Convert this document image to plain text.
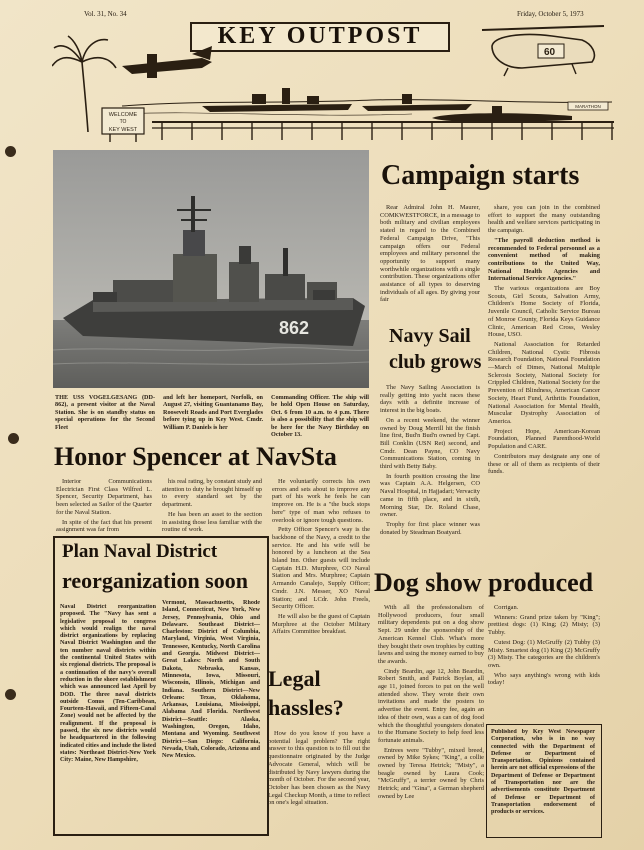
Vol. 31, No. 34	Friday, October 5, 1973
KEY OUTPOST
60
WELCOME
TO
KEY WEST
MARATHON
862
THE USS VOGELGESANG (DD-862), a present visitor at the Naval Station. She is on standby status on special operations for the Second Fleet
and left her homeport, Norfolk, on August 27, visiting Guantanamo Bay, Roosevelt Roads and Port Everglades before tying up in Key West. Cmdr. William P. Daniels is her
Commanding Officer. The ship will be hold Open House on Saturday, Oct. 6 from 10 a.m. to 4 p.m. There is also a possibility that the ship will be here for the Navy Birthday on October 13.
Campaign starts

Rear Admiral John H. Maurer, COMKWESTFORCE, in a message to both military and civilian employees stated in regard to the Combined Federal Campaign Drive, "This campaign offers our Federal employees and military personnel the opportunity to support many worthwhile organizations with a single contribution. These organizations offer assistance of all types to deserving individuals of all ages. By giving your fair

share, you can join in the combined effort to support the many outstanding health and welfare services participating in the campaign.

"The payroll deduction method is recommended to Federal personnel as a convenient method of making contributions to the United Way, National Health Agencies and International Service Agencies."

The various organizations are Boy Scouts, Girl Scouts, Salvation Army, Children's Home Society of Florida, Juvenile Council, Catholic Service Bureau of Monroe County, Florida Keys Guidance Clinic, American Red Cross, Wesley House, USO.

National Association for Retarded Children, National Cystic Fibrosis Research Foundation, National Foundation—March of Dimes, National Multiple Sclerosis Society, National Society for Crippled Children, National Society for the Prevention of Blindness, American Cancer Society, Heart Fund, Arthritis Foundation, National Association for Mental Health, Muscular Dystrophy Association of America.

Project Hope, American-Korean Foundation, Planned Parenthood-World Population and CARE.

Contributors may designate any one of these or all of them as recipients of their funds.

Navy Sail
club grows

The Navy Sailing Association is really getting into yacht races these days with a definite increase of interest in the big boats.

On a recent weekend, the winner owned by Doug Merrill hit the finish line first, Bud'n Bud'n owned by Capt. Bill Conklin (USN Ret) second, and Cmdr. Dean Payne, CO Navy Communications Station, coming in third with Betty Baby.

In fourth position crossing the line was Captain A.A. Helgersen, CO Naval Hospital, in Hajjadari; Vervacity came in fifth place, and in sixth, Morning Star, Dr. Roland Chase, owner.

Trophy for first place winner was donated by Steadman Boatyard.

Honor Spencer at NavSta

Interior Communications Electrician First Class Wilfred L. Spencer, Security Department, has been selected as Sailor of the Quarter for the Naval Station.

In spite of the fact that his present assignment was far from

his real rating, by constant study and attention to duty he brought himself up to every standard set by the department.

He has been an asset to the section in assisting those less familiar with the routine of work.

He voluntarily corrects his own errors and sets about to improve any part of his work he feels he can improve on. He is a "the buck stops here" type of man who refuses to overlook or ignore tough questions.

Petty Officer Spencer's way is the backbone of the Navy, a credit to the service. He and his wife will be honored by a luncheon at the Sea Island Inn. Other guests will include Captain H.D. Murphree, CO Naval Station and Mrs. Murphree; Captain Armando Canalejo, Supply Officer; Cmdr. J.N. Messer, XO Naval Station; and LCdr. John Freels, Security Officer.

He will also be the guest of Captain Murphree at the October Military Affairs Committee breakfast.

Plan Naval District
reorganization soon
Naval District reorganization proposed. The "Navy has sent a legislative proposal to congress which would realign the naval district organizations by replacing Naval District Washington and the ten number naval districts within the continental United States with six regional districts. The proposal is a continuation of the navy's overall reduction in the shore establishment which was announced last April by DOD. The three naval districts outside Conus (Ten-Caribbean, Fourteen-Hawaii, and Fifteen-Canal Zone) would not be affected by the realignment. If the proposal is passed, the six new districts would be headquartered in the following indicated cities and include the listed states: Northeast District-New York City: Maine, New Hampshire,
Vermont, Massachusetts, Rhode Island, Connecticut, New York, New Jersey, Pennsylvania, Ohio and Delaware. Southeast District—Charleston: District of Columbia, Maryland, Virginia, West Virginia, Tennessee, Kentucky, North Carolina and Georgia. Midwest District—Great Lakes: North and South Dakota, Nebraska, Kansas, Minnesota, Iowa, Missouri, Wisconsin, Illinois, Michigan and Indiana. Southern District—New Orleans: Texas, Oklahoma, Arkansas, Louisiana, Mississippi, Alabama And Florida. Northwest District—Seattle: Alaska, Washington, Oregon, Idaho, Montana and Wyoming. Southwest District—San Diego: California, Nevada, Utah, Colorado, Arizona and New Mexico.
Legal
hassles?

How do you know if you have a potential legal problem? The right answer to this question is to fill out the questionnaire originated by the Judge Advocate General, which will be distributed by Navy lawyers during the month of October. For the second year, October has been chosen as the Navy Legal Checkup Month, a time to reflect on one's legal situation.

Dog show produced

With all the professionalism of Hollywood producers, four small military dependents put on a dog show Sept. 29 under the sponsorship of the American Kennel Club. What's more they bought their own trophies by cutting lawns and using the money earned to buy the awards.

Cindy Beardin, age 12, John Beardin, Robert Smith, and Patrick Boylan, all age 11, joined forces to put on the well attended show. They wrote their own invitations and made the posters to advertise the event. Entry fee, again an idea of their own, was a can of dog food which the thoughtful youngsters donated to the Humane Society to help feed less fortunate animals.

Entrees were "Tubby", mixed breed, owned by Mike Sykes; "King", a collie owned by Teresa Hetrick; "Misty", a beagle owned by Laura Cook; "McGruffy", a terrier owned by Chris Hetrick; and "Gina", a German shepherd owned by Lee

Corrigan.

Winners: Grand prize taken by "King"; prettiest dogs: (1) King; (2) Misty; (3) Tubby.

Cutest Dog: (1) McGruffy (2) Tubby (3) Misty. Smartest dog (1) King (2) McGruffy (3) Misty. The categories are the children's own.

Who says anything's wrong with kids today!

Published by Key West Newspaper Corporation, who is in no way connected with the Department of Defense or Department of Transportation. Opinions contained herein are not official expressions of the Department of Defense or Department of Transportation nor are the advertisements constitute Department of Defense or Department of Transportation endorsement of products or services.
